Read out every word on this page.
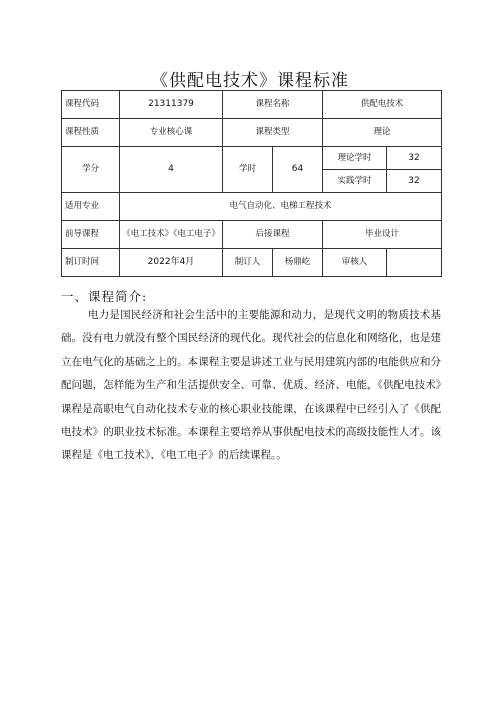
《供配电技术》课程标准
课程代码	21311379	课程名称		供配电技术	
课程性质	专业核心课	课程类型		理论	
学分	4	学时	64	理论学时	32
				实践学时	32
适用专业	电气自动化、电梯工程技术				
前导课程	《电工技术》《电工电子》	后接课程		毕业设计	
制订时间	2022年4月	制订人	杨鼎屹	审核人	
一、课程简介:

电力是国民经济和社会生活中的主要能源和动力，是现代文明的物质技术基础。没有电力就没有整个国民经济的现代化。现代社会的信息化和网络化，也是建立在电气化的基础之上的。本课程主要是讲述工业与民用建筑内部的电能供应和分配问题，怎样能为生产和生活提供安全、可靠、优质、经济、电能，《供配电技术》课程是高职电气自动化技术专业的核心职业技能课，在该课程中已经引入了《供配电技术》的职业技术标准。本课程主要培养从事供配电技术的高级技能性人才。该课程是《电工技术》、《电工电子》的后续课程。。
